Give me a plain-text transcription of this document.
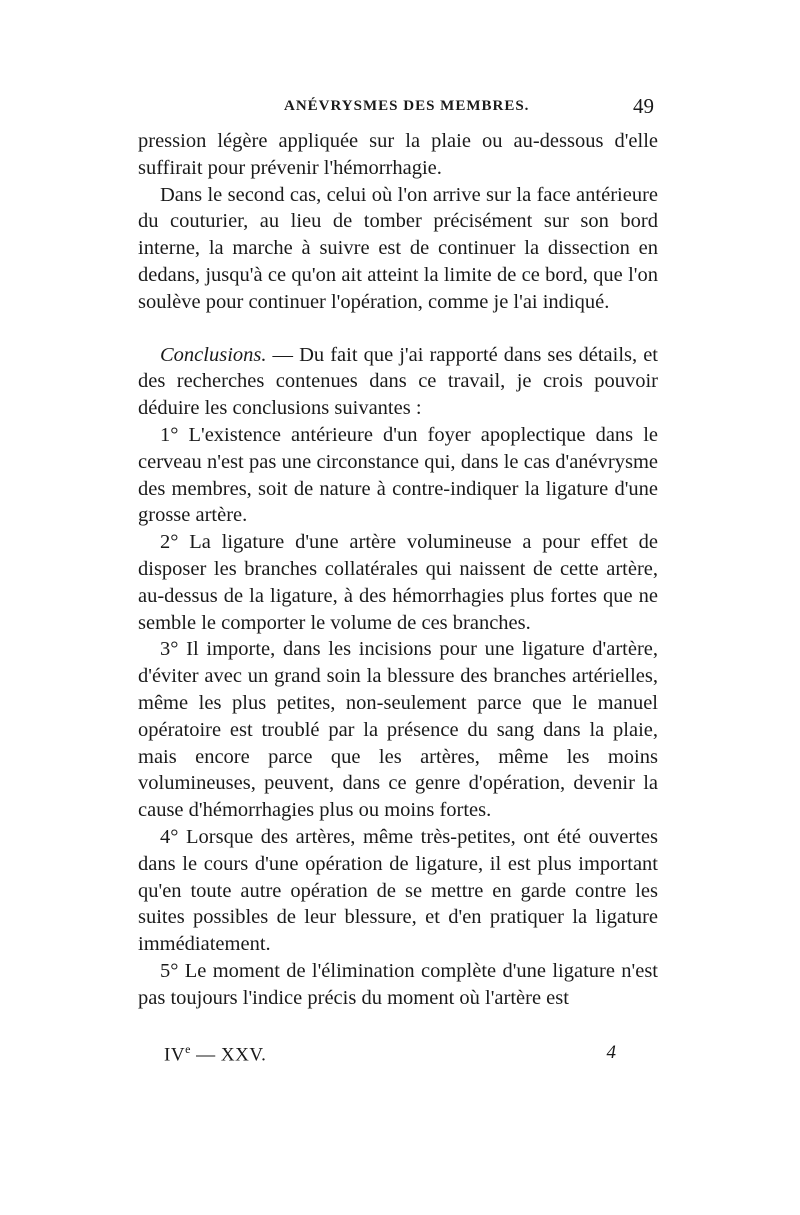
ANÉVRYSMES DES MEMBRES.	49

pression légère appliquée sur la plaie ou au-dessous d'elle suffirait pour prévenir l'hémorrhagie.

Dans le second cas, celui où l'on arrive sur la face antérieure du couturier, au lieu de tomber précisément sur son bord interne, la marche à suivre est de continuer la dissection en dedans, jusqu'à ce qu'on ait atteint la limite de ce bord, que l'on soulève pour continuer l'opération, comme je l'ai indiqué.

Conclusions. — Du fait que j'ai rapporté dans ses détails, et des recherches contenues dans ce travail, je crois pouvoir déduire les conclusions suivantes :

1° L'existence antérieure d'un foyer apoplectique dans le cerveau n'est pas une circonstance qui, dans le cas d'anévrysme des membres, soit de nature à contre-indiquer la ligature d'une grosse artère.

2° La ligature d'une artère volumineuse a pour effet de disposer les branches collatérales qui naissent de cette artère, au-dessus de la ligature, à des hémorrhagies plus fortes que ne semble le comporter le volume de ces branches.

3° Il importe, dans les incisions pour une ligature d'artère, d'éviter avec un grand soin la blessure des branches artérielles, même les plus petites, non-seulement parce que le manuel opératoire est troublé par la présence du sang dans la plaie, mais encore parce que les artères, même les moins volumineuses, peuvent, dans ce genre d'opération, devenir la cause d'hémorrhagies plus ou moins fortes.

4° Lorsque des artères, même très-petites, ont été ouvertes dans le cours d'une opération de ligature, il est plus important qu'en toute autre opération de se mettre en garde contre les suites possibles de leur blessure, et d'en pratiquer la ligature immédiatement.

5° Le moment de l'élimination complète d'une ligature n'est pas toujours l'indice précis du moment où l'artère est

IVe — XXV.	4
